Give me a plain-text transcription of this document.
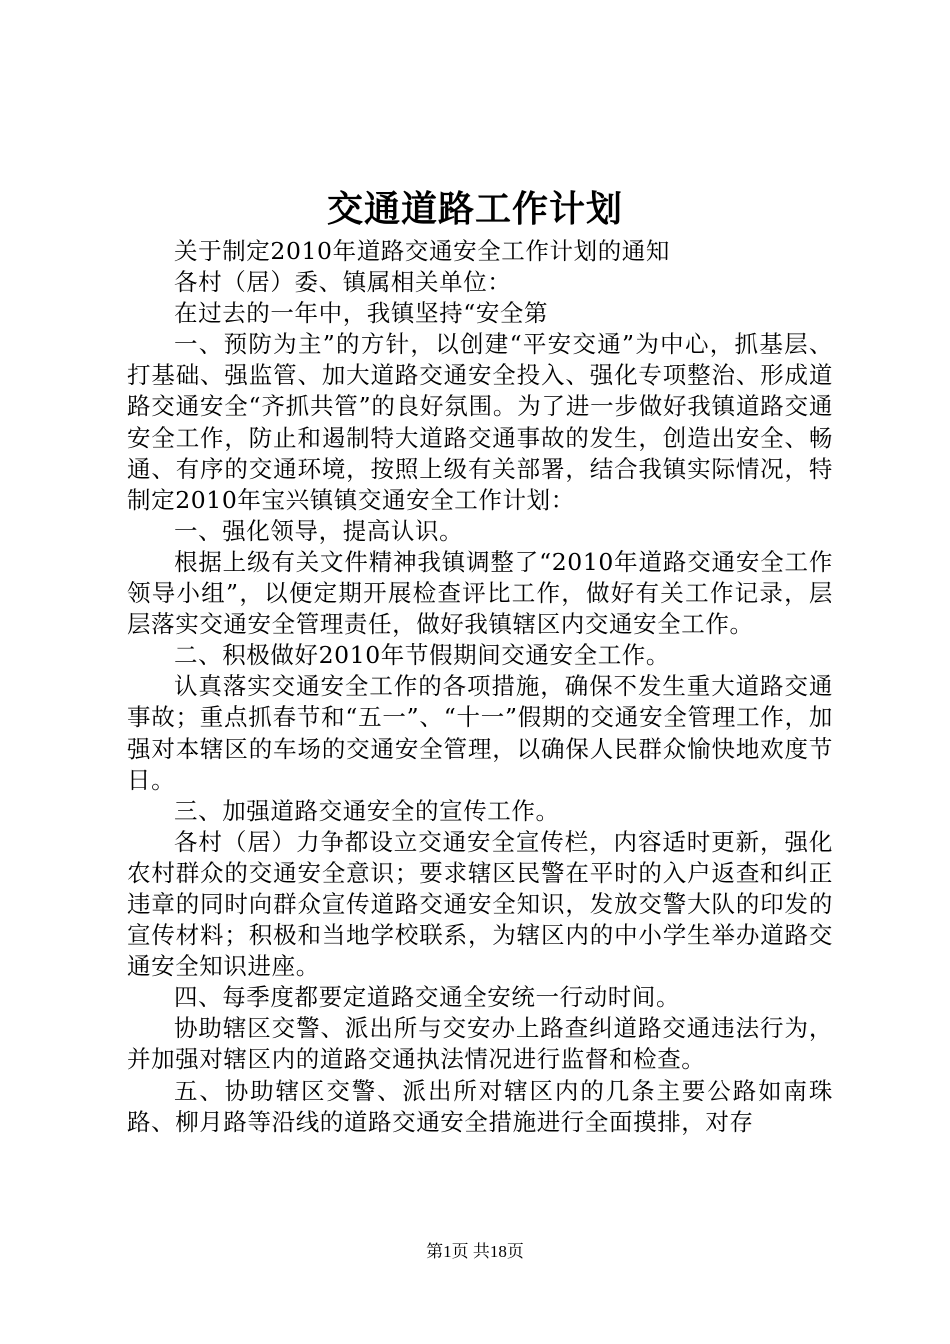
交通道路工作计划

关于制定2010年道路交通安全工作计划的通知

各村（居）委、镇属相关单位：

在过去的一年中，我镇坚持“安全第

一、预防为主”的方针，以创建“平安交通”为中心，抓基层、打基础、强监管、加大道路交通安全投入、强化专项整治、形成道路交通安全“齐抓共管”的良好氛围。为了进一步做好我镇道路交通安全工作，防止和遏制特大道路交通事故的发生，创造出安全、畅通、有序的交通环境，按照上级有关部署，结合我镇实际情况，特制定2010年宝兴镇镇交通安全工作计划：

一、强化领导，提高认识。

根据上级有关文件精神我镇调整了“2010年道路交通安全工作领导小组”，以便定期开展检查评比工作，做好有关工作记录，层层落实交通安全管理责任，做好我镇辖区内交通安全工作。

二、积极做好2010年节假期间交通安全工作。

认真落实交通安全工作的各项措施，确保不发生重大道路交通事故；重点抓春节和“五一”、“十一”假期的交通安全管理工作，加强对本辖区的车场的交通安全管理，以确保人民群众愉快地欢度节日。

三、加强道路交通安全的宣传工作。

各村（居）力争都设立交通安全宣传栏，内容适时更新，强化农村群众的交通安全意识；要求辖区民警在平时的入户返查和纠正违章的同时向群众宣传道路交通安全知识，发放交警大队的印发的宣传材料；积极和当地学校联系，为辖区内的中小学生举办道路交通安全知识进座。

四、每季度都要定道路交通全安统一行动时间。

协助辖区交警、派出所与交安办上路查纠道路交通违法行为，并加强对辖区内的道路交通执法情况进行监督和检查。

五、协助辖区交警、派出所对辖区内的几条主要公路如南珠路、柳月路等沿线的道路交通安全措施进行全面摸排，对存

第1页 共18页
